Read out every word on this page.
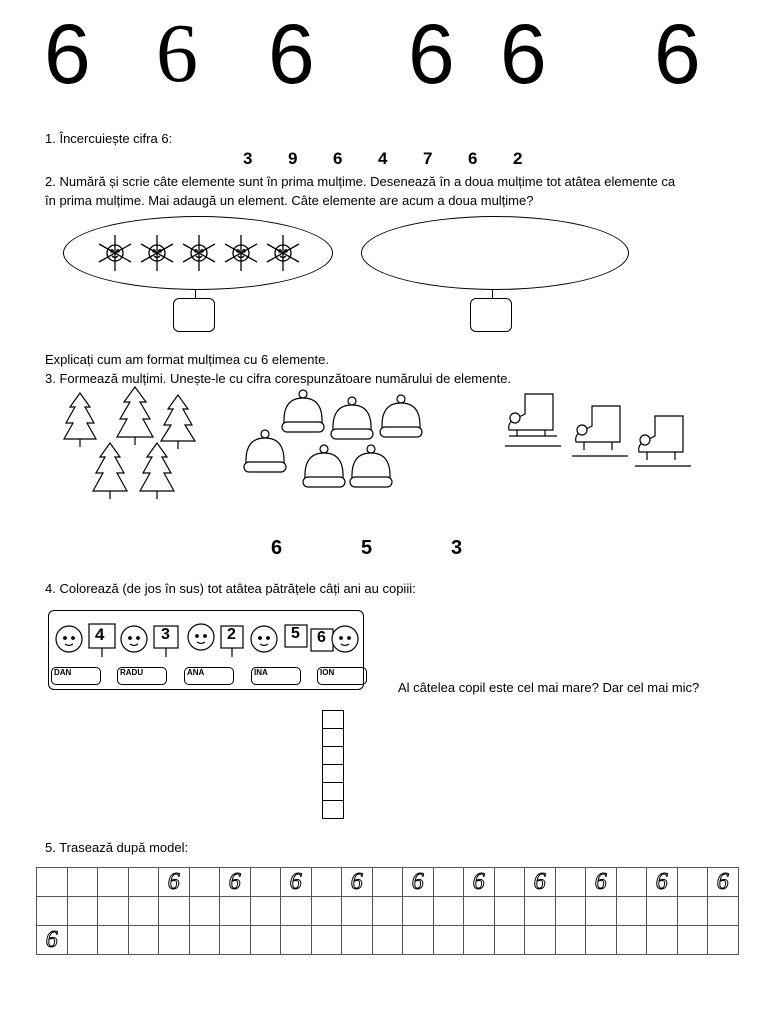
6 6 6 6 6 6
1. Încercuiește cifra 6:
3 9 6 4 7 6 2
2. Numără și scrie câte elemente sunt în prima mulțime. Desenează în a doua mulțime tot atâtea elemente ca
în prima mulțime. Mai adaugă un element. Câte elemente are acum a doua mulțime?
Explicați cum am format mulțimea cu 6 elemente.
3. Formează mulțimi. Unește-le cu cifra corespunzătoare numărului de elemente.
6	5	3
4. Colorează (de jos în sus) tot atâtea pătrățele câți ani au copiii:
4	3	2	5 6
DAN	RADU	ANA	INA	ION
Al câtelea copil este cel mai mare? Dar cel mai mic?
5. Trasează după model:
				6		6		6		6		6		6		6		6		6		6

6																						
